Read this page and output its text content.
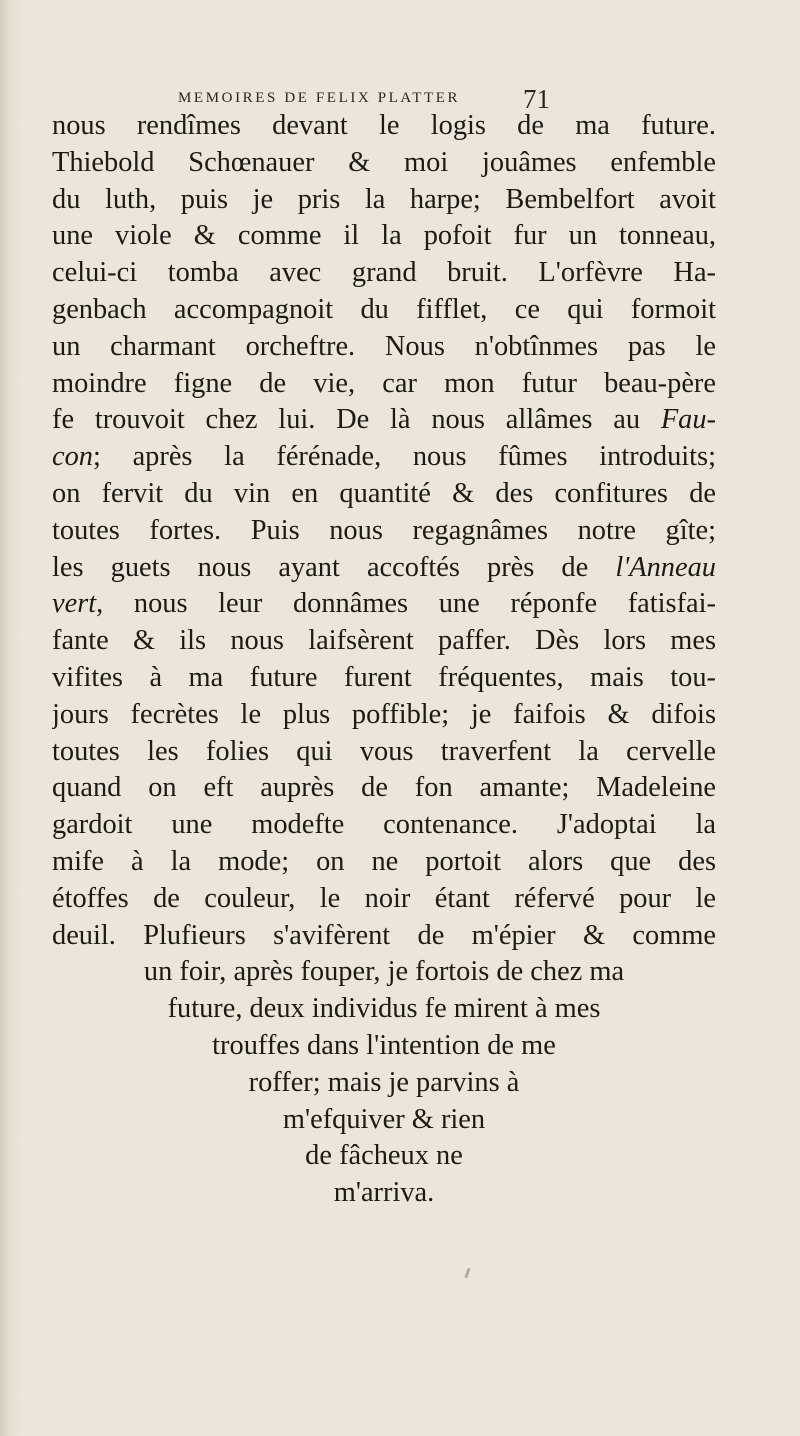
MEMOIRES DE FELIX PLATTER 71
nous rendîmes devant le logis de ma future.
Thiebold Schœnauer & moi jouâmes enfemble
du luth, puis je pris la harpe; Bembelfort avoit
une viole & comme il la pofoit fur un tonneau,
celui-ci tomba avec grand bruit. L'orfèvre Ha-
genbach accompagnoit du fifflet, ce qui formoit
un charmant orcheftre. Nous n'obtînmes pas le
moindre figne de vie, car mon futur beau-père
fe trouvoit chez lui. De là nous allâmes au Fau-
con; après la férénade, nous fûmes introduits;
on fervit du vin en quantité & des confitures de
toutes fortes. Puis nous regagnâmes notre gîte;
les guets nous ayant accoftés près de l'Anneau
vert, nous leur donnâmes une réponfe fatisfai-
fante & ils nous laifsèrent paffer. Dès lors mes
vifites à ma future furent fréquentes, mais tou-
jours fecrètes le plus poffible; je faifois & difois
toutes les folies qui vous traverfent la cervelle
quand on eft auprès de fon amante; Madeleine
gardoit une modefte contenance. J'adoptai la
mife à la mode; on ne portoit alors que des
étoffes de couleur, le noir étant réfervé pour le
deuil. Plufieurs s'avifèrent de m'épier & comme
un foir, après fouper, je fortois de chez ma
future, deux individus fe mirent à mes
trouffes dans l'intention de me
roffer; mais je parvins à
m'efquiver & rien
de fâcheux ne
m'arriva.
